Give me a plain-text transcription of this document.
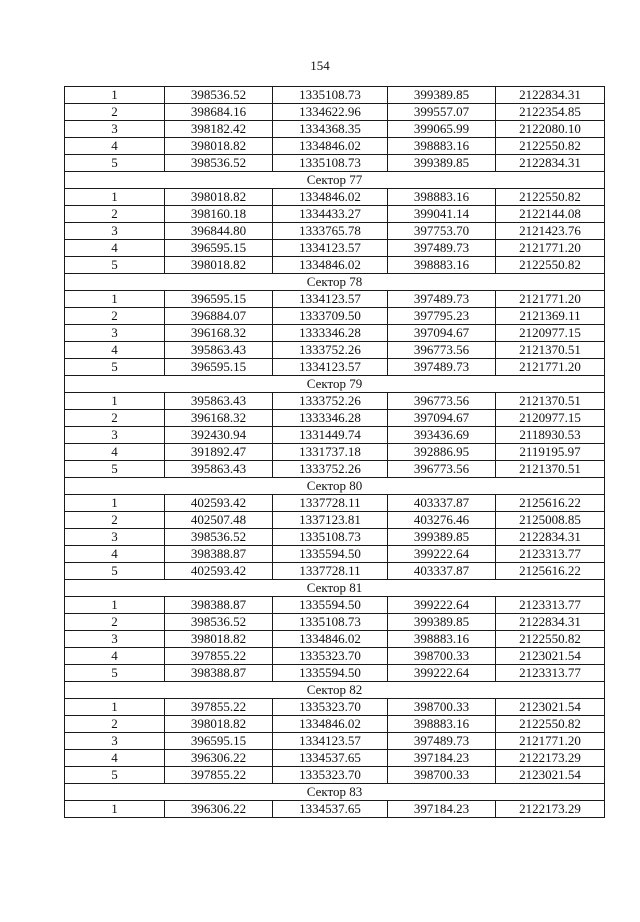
154
1	398536.52	1335108.73	399389.85	2122834.31
2	398684.16	1334622.96	399557.07	2122354.85
3	398182.42	1334368.35	399065.99	2122080.10
4	398018.82	1334846.02	398883.16	2122550.82
5	398536.52	1335108.73	399389.85	2122834.31
Сектор 77				
1	398018.82	1334846.02	398883.16	2122550.82
2	398160.18	1334433.27	399041.14	2122144.08
3	396844.80	1333765.78	397753.70	2121423.76
4	396595.15	1334123.57	397489.73	2121771.20
5	398018.82	1334846.02	398883.16	2122550.82
Сектор 78				
1	396595.15	1334123.57	397489.73	2121771.20
2	396884.07	1333709.50	397795.23	2121369.11
3	396168.32	1333346.28	397094.67	2120977.15
4	395863.43	1333752.26	396773.56	2121370.51
5	396595.15	1334123.57	397489.73	2121771.20
Сектор 79				
1	395863.43	1333752.26	396773.56	2121370.51
2	396168.32	1333346.28	397094.67	2120977.15
3	392430.94	1331449.74	393436.69	2118930.53
4	391892.47	1331737.18	392886.95	2119195.97
5	395863.43	1333752.26	396773.56	2121370.51
Сектор 80				
1	402593.42	1337728.11	403337.87	2125616.22
2	402507.48	1337123.81	403276.46	2125008.85
3	398536.52	1335108.73	399389.85	2122834.31
4	398388.87	1335594.50	399222.64	2123313.77
5	402593.42	1337728.11	403337.87	2125616.22
Сектор 81				
1	398388.87	1335594.50	399222.64	2123313.77
2	398536.52	1335108.73	399389.85	2122834.31
3	398018.82	1334846.02	398883.16	2122550.82
4	397855.22	1335323.70	398700.33	2123021.54
5	398388.87	1335594.50	399222.64	2123313.77
Сектор 82				
1	397855.22	1335323.70	398700.33	2123021.54
2	398018.82	1334846.02	398883.16	2122550.82
3	396595.15	1334123.57	397489.73	2121771.20
4	396306.22	1334537.65	397184.23	2122173.29
5	397855.22	1335323.70	398700.33	2123021.54
Сектор 83				
1	396306.22	1334537.65	397184.23	2122173.29
